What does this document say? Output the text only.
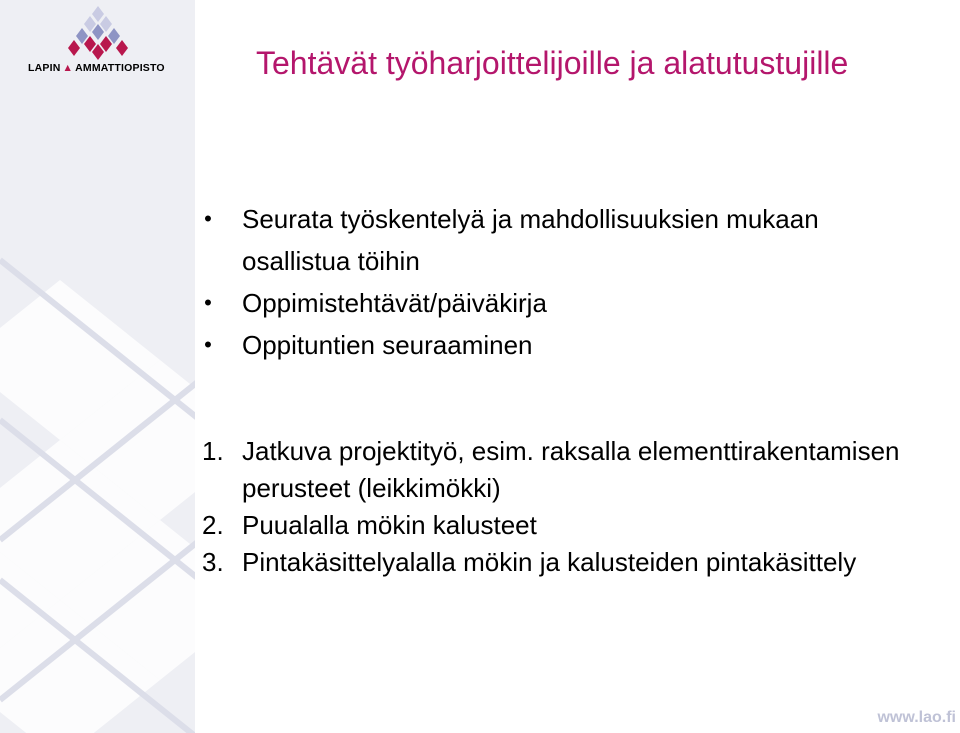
LAPIN ▲ AMMATTIOPISTO	Tehtävät työharjoittelijoille ja alatutustujille
• Seurata työskentelyä ja mahdollisuuksien mukaan osallistua töihin
• Oppimistehtävät/päiväkirja
• Oppituntien seuraaminen
1. Jatkuva projektityö, esim. raksalla elementtirakentamisen perusteet (leikkimökki)
2. Puualalla mökin kalusteet
3. Pintakäsittelyalalla mökin ja kalusteiden pintakäsittely
www.lao.fi
